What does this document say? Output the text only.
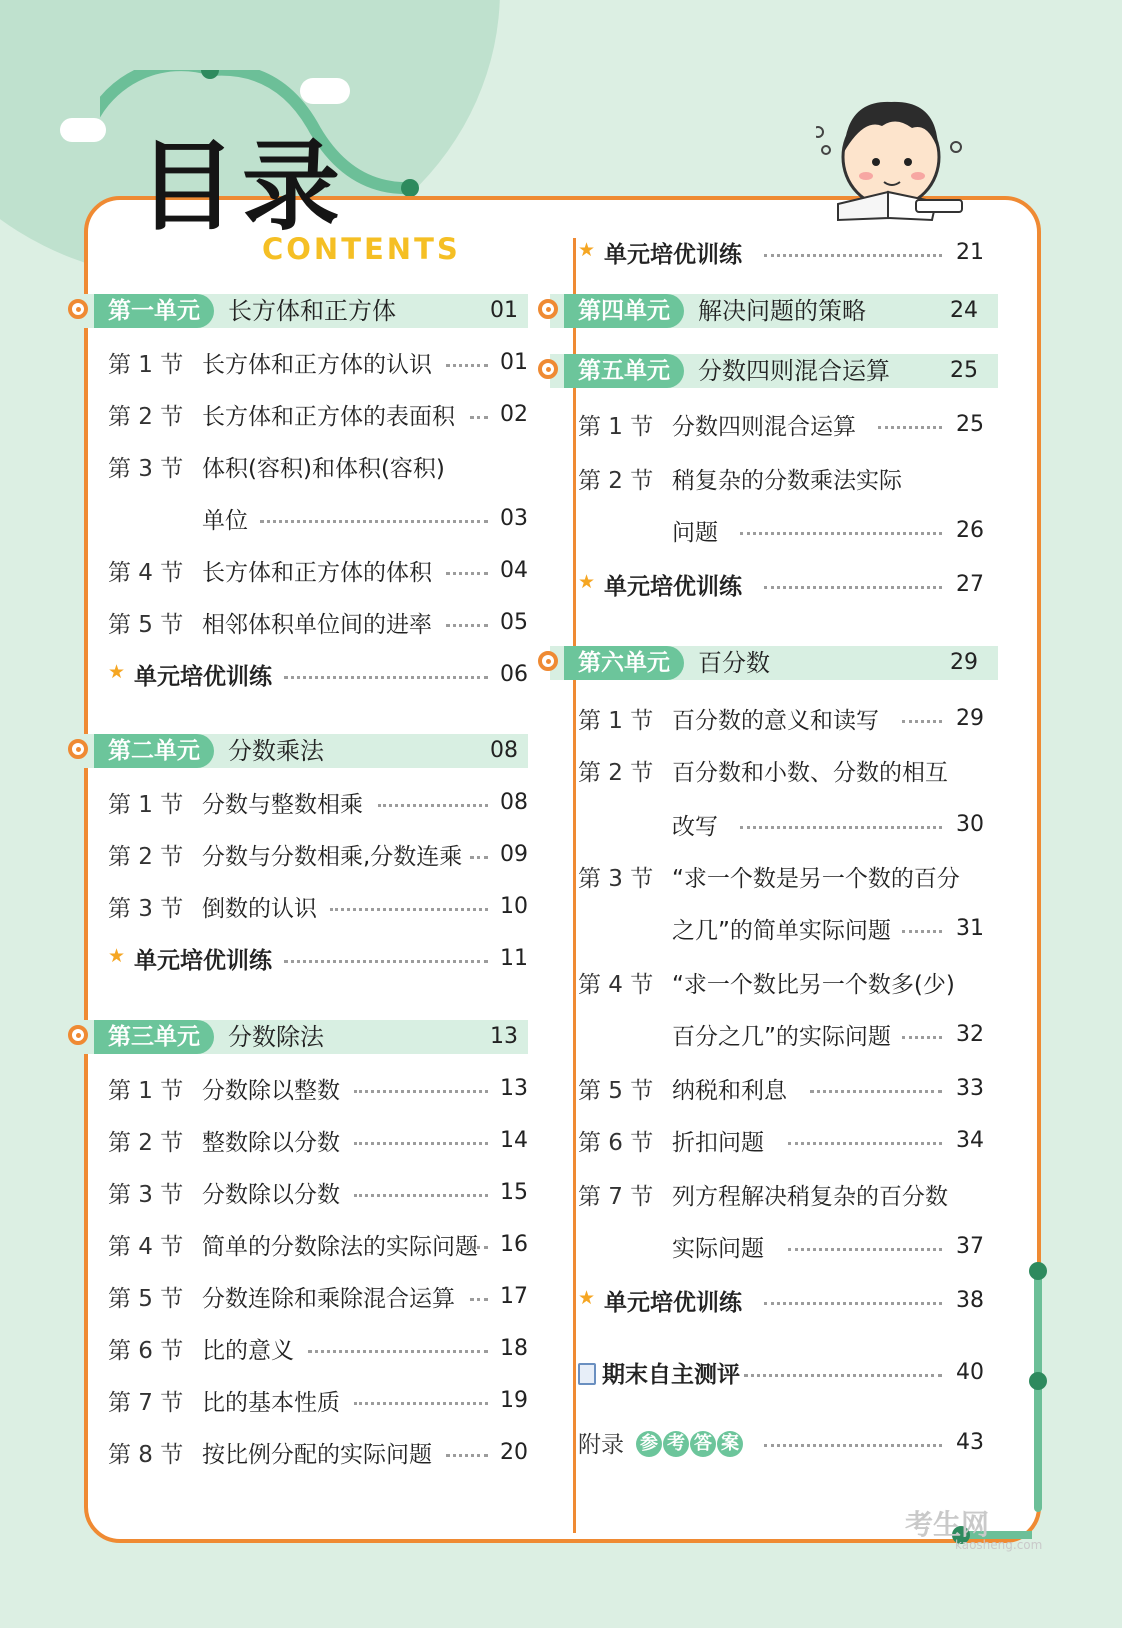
目录
CONTENTS
第一单元	长方体和正方体	01
第 1 节 长方体和正方体的认识	01
第 2 节 长方体和正方体的表面积 02
第 3 节 体积(容积)和体积(容积)
单位	03
第 4 节 长方体和正方体的体积	04
第 5 节 相邻体积单位间的进率	05
★ 单元培优训练	06
第二单元	分数乘法	08
第 1 节 分数与整数相乘	08
第 2 节 分数与分数相乘,分数连乘 09
第 3 节 倒数的认识	10
★ 单元培优训练	11
第三单元	分数除法	13
第 1 节 分数除以整数	13
第 2 节 整数除以分数	14
第 3 节 分数除以分数	15
第 4 节 简单的分数除法的实际问题 16
第 5 节 分数连除和乘除混合运算 17
第 6 节 比的意义	18
第 7 节 比的基本性质	19
第 8 节 按比例分配的实际问题	20
★ 单元培优训练	21
第四单元	解决问题的策略	24
第五单元	分数四则混合运算	25
第 1 节 分数四则混合运算	25
第 2 节 稍复杂的分数乘法实际
问题	26
★ 单元培优训练	27
第六单元	百分数	29
第 1 节 百分数的意义和读写	29
第 2 节 百分数和小数、分数的相互
改写	30
第 3 节 “求一个数是另一个数的百分
之几”的简单实际问题	31
第 4 节 “求一个数比另一个数多(少)
百分之几”的实际问题	32
第 5 节 纳税和利息	33
第 6 节 折扣问题	34
第 7 节 列方程解决稍复杂的百分数
实际问题	37
★ 单元培优训练	38
期末自主测评	40
附录 参 考 答 案	43
考生网
kaosheng.com
